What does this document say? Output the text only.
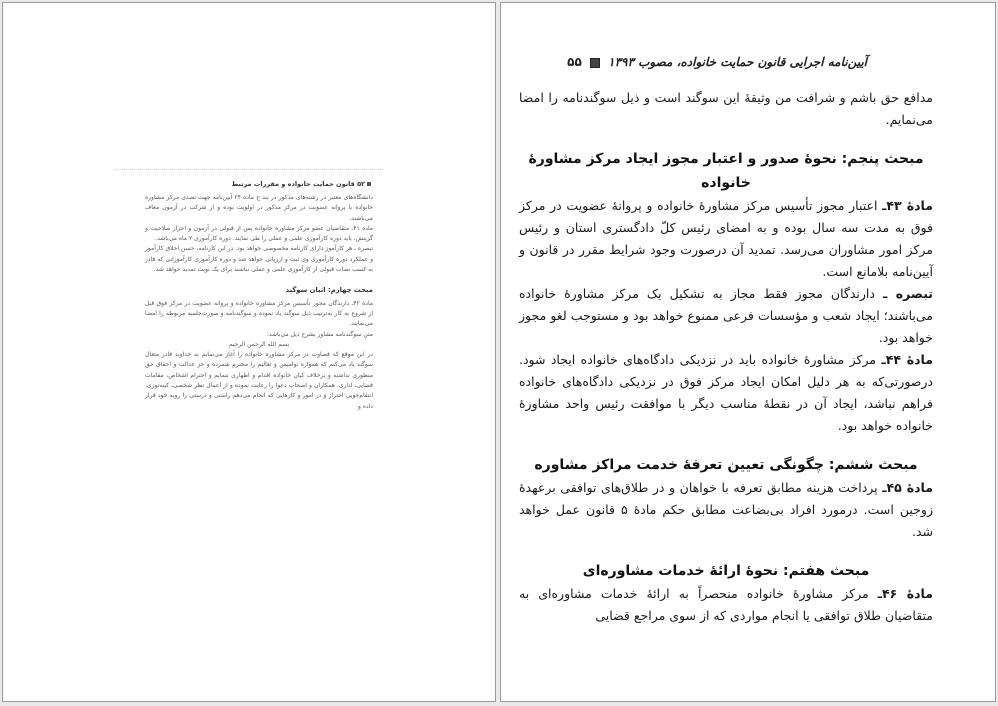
۵۲ قانون حمایت خانواده و مقررات مرتبط

دانشگاه‌های معتبر در رشته‌های مذکور در بند ج ماده ۲۴ آیین‌نامه جهت تصدی مرکز مشاوره خانواده با پروانه عضویت در مرکز مذکور در اولویت بوده و از شرکت در آزمون معاف می‌باشند.

ماده ۴۱ـ متقاضیان عضو مرکز مشاوره خانواده پس از قبولی در آزمون و احراز صلاحیت و گزینش، باید دوره کارآموزی علمی و عملی را طی نمایند. دوره کارآموزی ۲ ماه می‌باشد.

تبصره ـ هر کارآموز دارای کارنامه مخصوصی خواهد بود. در این کارنامه، حسن اخلاق کارآموز و عملکرد دوره کارآموزی وی ثبت و ارزیابی خواهد شد و دوره کارآموزی کارآموزانی که قادر به کسب نصاب قبولی از کارآموزی علمی و عملی نباشند برای یک نوبت تمدید خواهد شد.

مبحث چهارم: اتیان سوگند

ماده ۴۲ـ دارندگان مجوز تأسیس مرکز مشاوره خانواده و پروانه عضویت در مرکز فوق قبل از شروع به کار به‌ترتیب ذیل سوگند یاد نموده و سوگندنامه و صورت‌جلسه مربوطه را امضا می‌نمایند.

متن سوگندنامه مشاور بشرح ذیل می‌باشد:

بسم الله الرحمن الرحیم

در این موقع که قضاوت در مرکز مشاوره خانواده را آغاز می‌نمایم به خداوند قادر متعال سوگند یاد می‌کنم که همواره نوامیس و تعالیم را محترم شمرده و جز عدالت و احقاق حق منظوری نداشته و برخلاف کیان خانواده اقدام و اظهاری ننمایم و احترام اشخاص، مقامات قضایی، اداری، همکاران و اصحاب دعوا را رعایت نموده و از اعمال نظر شخصی، کینه‌توزی، انتقام‌جویی احتراز و در امور و کارهایی که انجام می‌دهم راستی و درستی را رویه خود قرار داده و

آیین‌نامه اجرایی قانون حمایت خانواده، مصوب ۱۳۹۳  ۵۵

مدافع حق باشم و شرافت من وثیقهٔ این سوگند است و ذیل سوگندنامه را امضا می‌نمایم.

مبحث پنجم: نحوهٔ صدور و اعتبار مجوز ایجاد مرکز مشاورهٔ خانواده

مادهٔ ۴۳ـ اعتبار مجوز تأسیس مرکز مشاورهٔ خانواده و پروانهٔ عضویت در مرکز فوق به مدت سه سال بوده و به امضای رئیس کلّ دادگستری استان و رئیس مرکز امور مشاوران می‌رسد. تمدید آن درصورت وجود شرایط مقرر در قانون و آیین‌نامه بلامانع است.

تبصره ـ دارندگان مجوز فقط مجاز به تشکیل یک مرکز مشاورهٔ خانواده می‌باشند؛ ایجاد شعب و مؤسسات فرعی ممنوع خواهد بود و مستوجب لغو مجوز خواهد بود.

مادهٔ ۴۴ـ مرکز مشاورهٔ خانواده باید در نزدیکی دادگاه‌های خانواده ایجاد شود. درصورتی‌که به هر دلیل امکان ایجاد مرکز فوق در نزدیکی دادگاه‌های خانواده فراهم نباشد، ایجاد آن در نقطهٔ مناسب دیگر با موافقت رئیس واحد مشاورهٔ خانواده خواهد بود.

مبحث ششم: چگونگی تعیین تعرفهٔ خدمت مراکز مشاوره

مادهٔ ۴۵ـ پرداخت هزینه مطابق تعرفه با خواهان و در طلاق‌های توافقی برعهدهٔ زوجین است. درمورد افراد بی‌بضاعت مطابق حکم مادهٔ ۵ قانون عمل خواهد شد.

مبحث هفتم: نحوهٔ ارائهٔ خدمات مشاوره‌ای

مادهٔ ۴۶ـ مرکز مشاورهٔ خانواده منحصراً به ارائهٔ خدمات مشاوره‌ای به متقاضیان طلاق توافقی یا انجام مواردی که از سوی مراجع قضایی
